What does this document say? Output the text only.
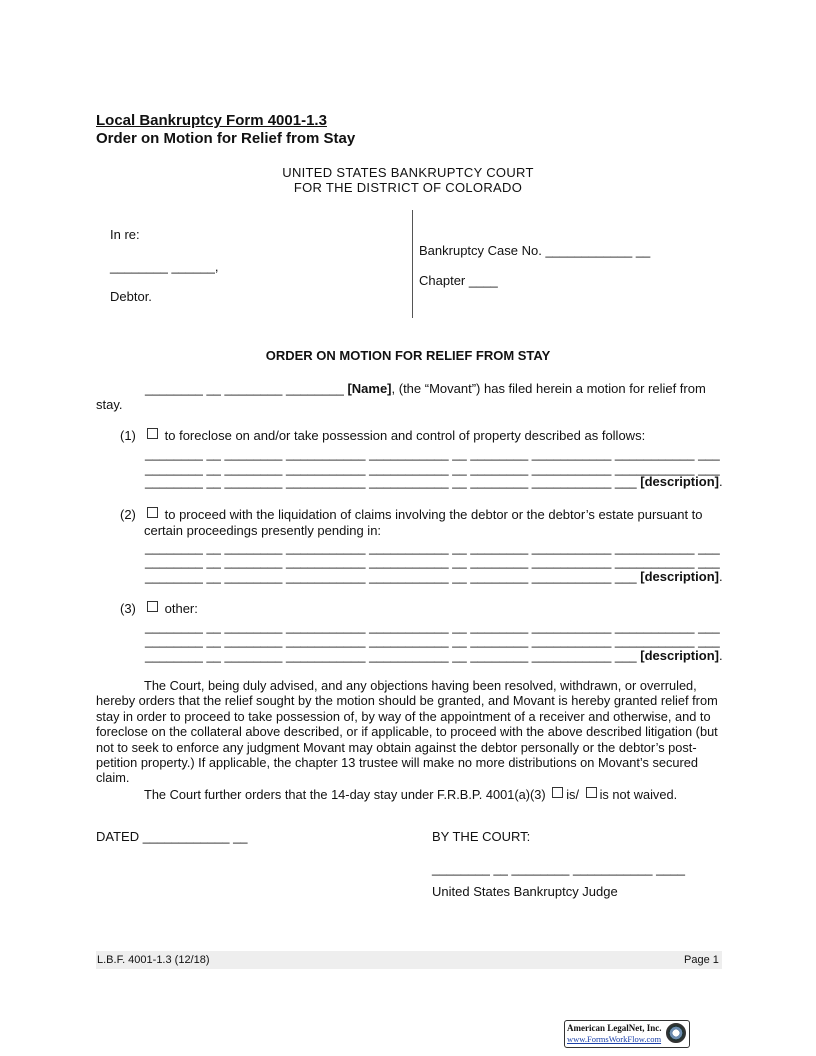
Local Bankruptcy Form 4001-1.3
Order on Motion for Relief from Stay
UNITED STATES BANKRUPTCY COURT
FOR THE DISTRICT OF COLORADO
In re:
________ ______,
Debtor.
Bankruptcy Case No. ____________ __
Chapter ____
ORDER ON MOTION FOR RELIEF FROM STAY
________ __ ________ ________ [Name], (the “Movant”) has filed herein a motion for relief from
stay.
(1)	to foreclose on and/or take possession and control of property described as follows:
________ __ ________ ___________ ___________ __ ________ ___________ ___________ ___
________ __ ________ ___________ ___________ __ ________ ___________ ___________ ___
________ __ ________ ___________ ___________ __ ________ ___________ ___ [description].
(2)	to proceed with the liquidation of claims involving the debtor or the debtor’s estate pursuant to
certain proceedings presently pending in:
________ __ ________ ___________ ___________ __ ________ ___________ ___________ ___
________ __ ________ ___________ ___________ __ ________ ___________ ___________ ___
________ __ ________ ___________ ___________ __ ________ ___________ ___ [description].
(3)	other:
________ __ ________ ___________ ___________ __ ________ ___________ ___________ ___
________ __ ________ ___________ ___________ __ ________ ___________ ___________ ___
________ __ ________ ___________ ___________ __ ________ ___________ ___ [description].

The Court, being duly advised, and any objections having been resolved, withdrawn, or overruled, hereby orders that the relief sought by the motion should be granted, and Movant is hereby granted relief from stay in order to proceed to take possession of, by way of the appointment of a receiver and otherwise, and to foreclose on the collateral above described, or if applicable, to proceed with the above described litigation (but not to seek to enforce any judgment Movant may obtain against the debtor personally or the debtor’s post-petition property.) If applicable, the chapter 13 trustee will make no more distributions on Movant’s secured claim.

The Court further orders that the 14-day stay under F.R.B.P. 4001(a)(3) is/ is not waived.

DATED ____________ __	BY THE COURT:
________ __ ________ ___________ ____
United States Bankruptcy Judge
L.B.F. 4001-1.3 (12/18)	Page 1
American LegalNet, Inc.
www.FormsWorkFlow.com
